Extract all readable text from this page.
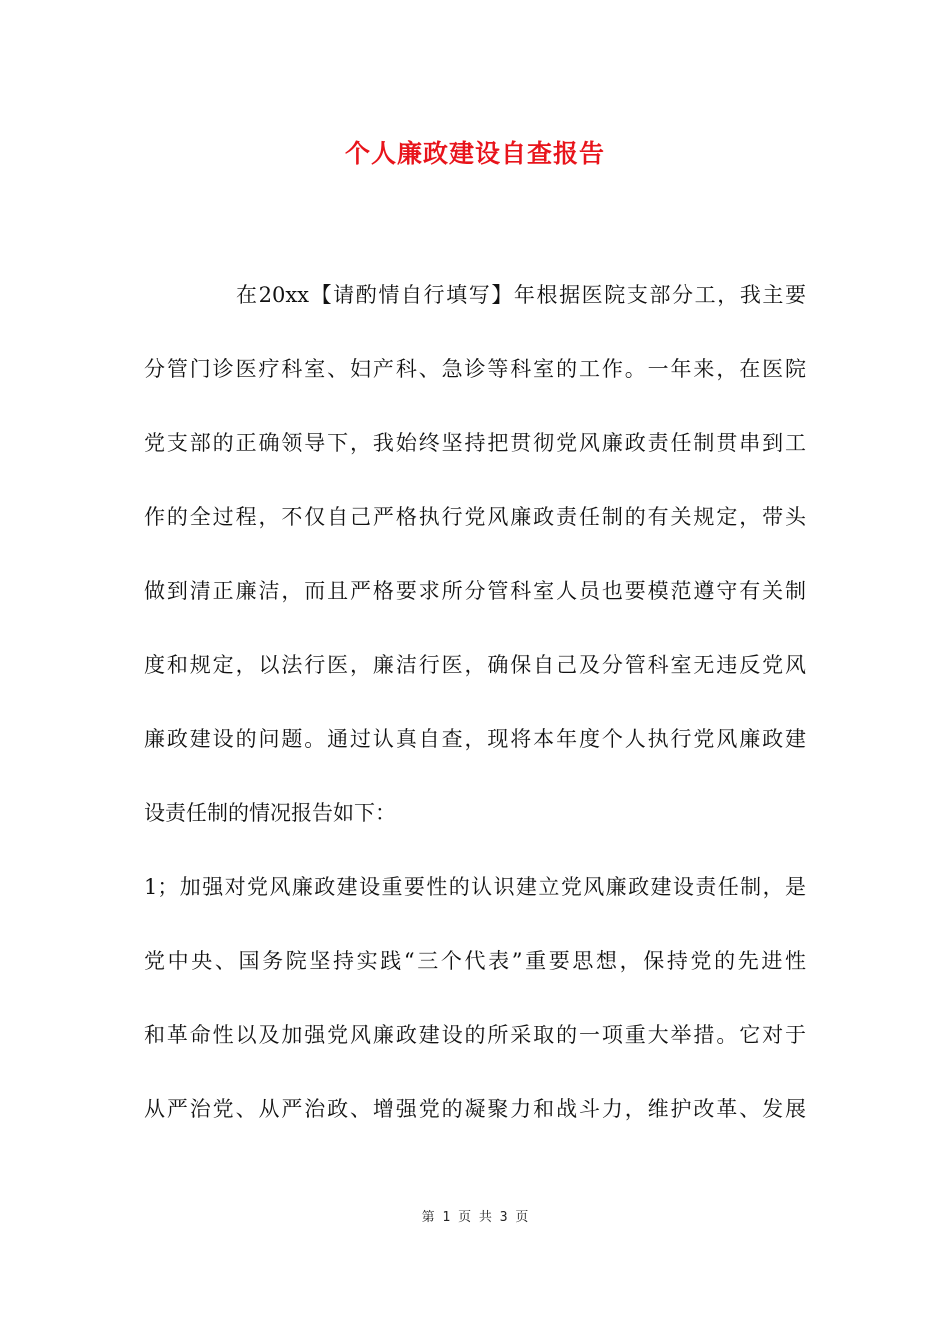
个人廉政建设自查报告
在20xx【请酌情自行填写】年根据医院支部分工，我主要
分管门诊医疗科室、妇产科、急诊等科室的工作。一年来，在医院
党支部的正确领导下，我始终坚持把贯彻党风廉政责任制贯串到工
作的全过程，不仅自己严格执行党风廉政责任制的有关规定，带头
做到清正廉洁，而且严格要求所分管科室人员也要模范遵守有关制
度和规定，以法行医，廉洁行医，确保自己及分管科室无违反党风
廉政建设的问题。通过认真自查，现将本年度个人执行党风廉政建
设责任制的情况报告如下：
1；加强对党风廉政建设重要性的认识建立党风廉政建设责任制，是
党中央、国务院坚持实践“三个代表”重要思想，保持党的先进性
和革命性以及加强党风廉政建设的所采取的一项重大举措。它对于
从严治党、从严治政、增强党的凝聚力和战斗力，维护改革、发展
第 1 页 共 3 页
